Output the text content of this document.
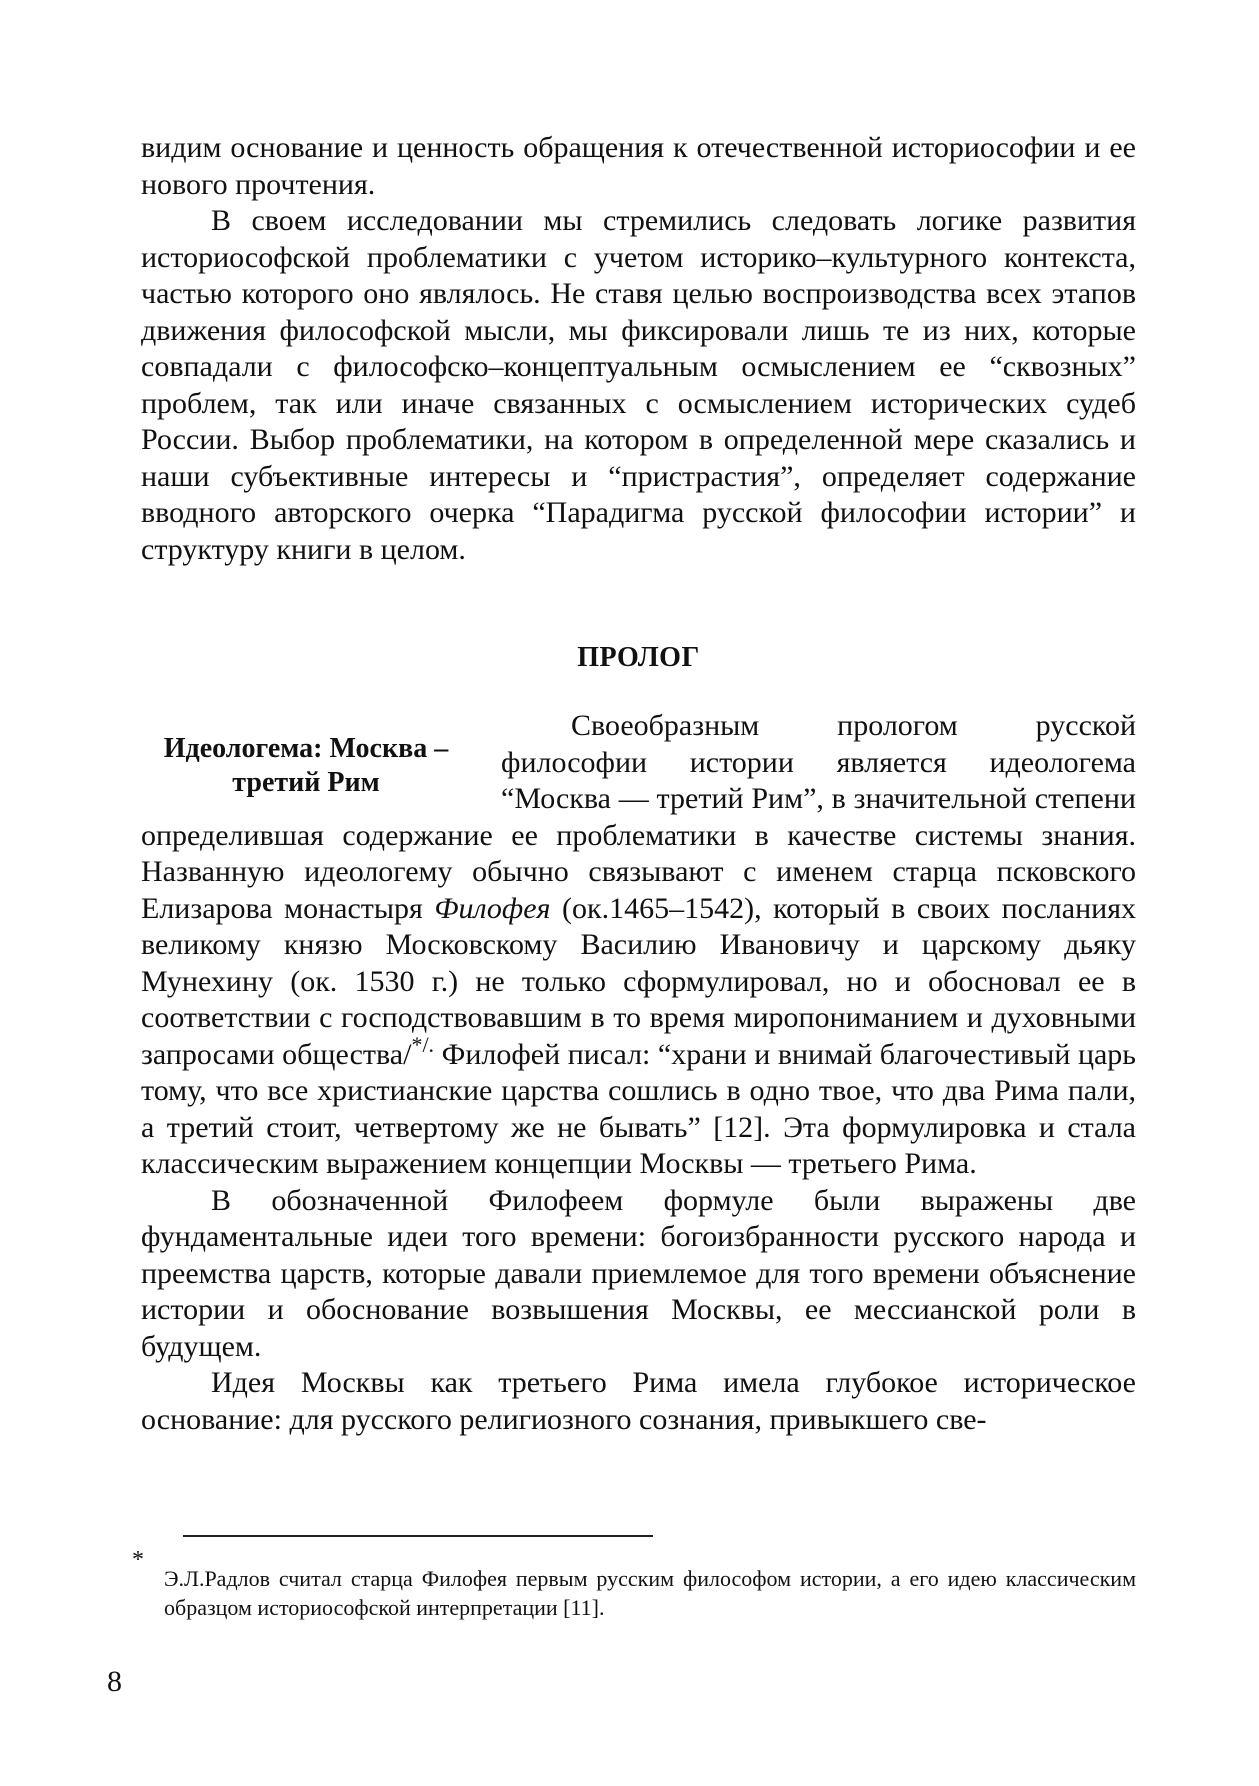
видим основание и ценность обращения к отечественной историософии и ее нового прочтения.

В своем исследовании мы стремились следовать логике развития историософской проблематики с учетом историко–культурного контекста, частью которого оно являлось. Не ставя целью воспроизводства всех этапов движения философской мысли, мы фиксировали лишь те из них, которые совпадали с философско–концептуальным осмыслением ее “сквозных” проблем, так или иначе связанных с осмыслением исторических судеб России. Выбор проблематики, на котором в определенной мере сказались и наши субъективные интересы и “пристрастия”, определяет содержание вводного авторского очерка “Парадигма русской философии истории” и структуру книги в целом.

ПРОЛОГ
Идеологема: Москва – третий Рим

Своеобразным прологом русской философии истории является идеологема “Москва — третий Рим”, в значительной степени определившая содержание ее проблематики в качестве системы знания. Названную идеологему обычно связывают с именем старца псковского Елизарова монастыря Филофея (ок.1465–1542), который в своих посланиях великому князю Московскому Василию Ивановичу и царскому дьяку Мунехину (ок. 1530 г.) не только сформулировал, но и обосновал ее в соответствии с господствовавшим в то время миропониманием и духовными запросами общества/*/. Филофей писал: “храни и внимай благочестивый царь тому, что все христианские царства сошлись в одно твое, что два Рима пали, а третий стоит, четвертому же не бывать” [12]. Эта формулировка и стала классическим выражением концепции Москвы — третьего Рима.

В обозначенной Филофеем формуле были выражены две фундаментальные идеи того времени: богоизбранности русского народа и преемства царств, которые давали приемлемое для того времени объяснение истории и обоснование возвышения Москвы, ее мессианской роли в будущем.

Идея Москвы как третьего Рима имела глубокое историческое основание: для русского религиозного сознания, привыкшего све-

*
Э.Л.Радлов считал старца Филофея первым русским философом истории, а его идею классическим образцом историософской интерпретации [11].
8
